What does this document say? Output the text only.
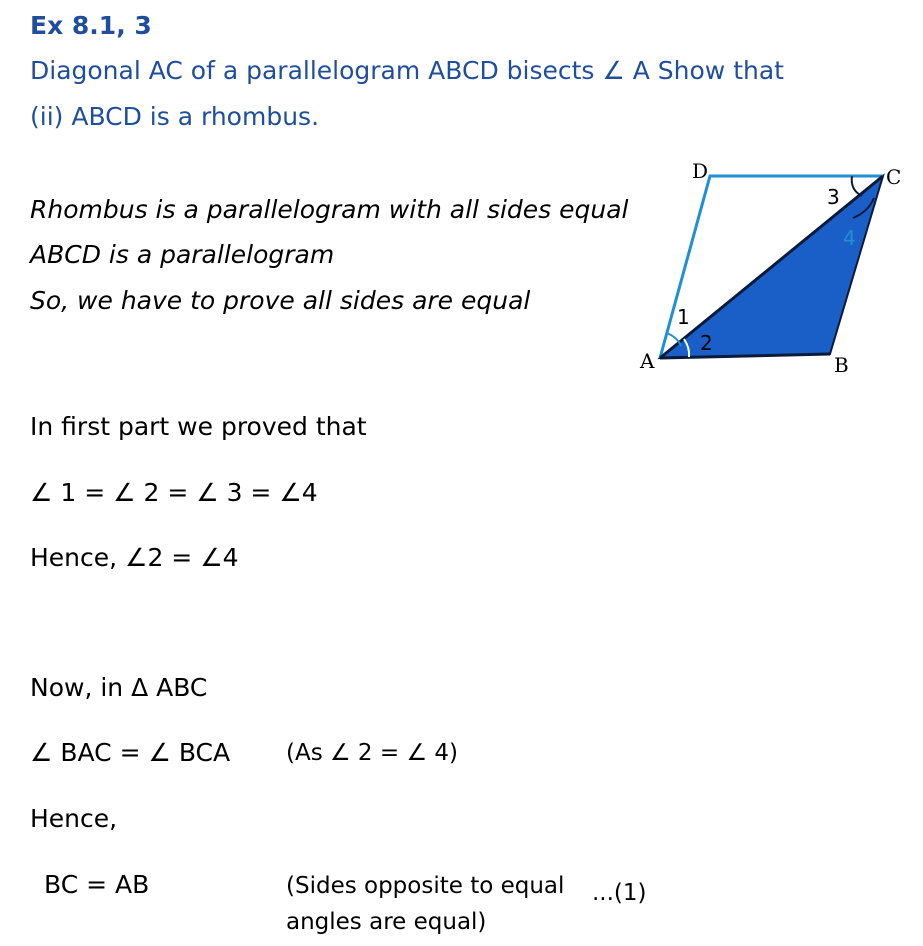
Ex 8.1, 3
Diagonal AC of a parallelogram ABCD bisects ∠ A Show that
(ii) ABCD is a rhombus.
Rhombus is a parallelogram with all sides equal
ABCD is a parallelogram
So, we have to prove all sides are equal
D	C
A	B
1
2
3
4
In first part we proved that
∠ 1 = ∠ 2 = ∠ 3 = ∠4
Hence, ∠2 = ∠4
Now, in Δ ABC
∠ BAC = ∠ BCA (As ∠ 2 = ∠ 4)
Hence,
BC = AB	(Sides opposite to equal
angles are equal)
...(1)
